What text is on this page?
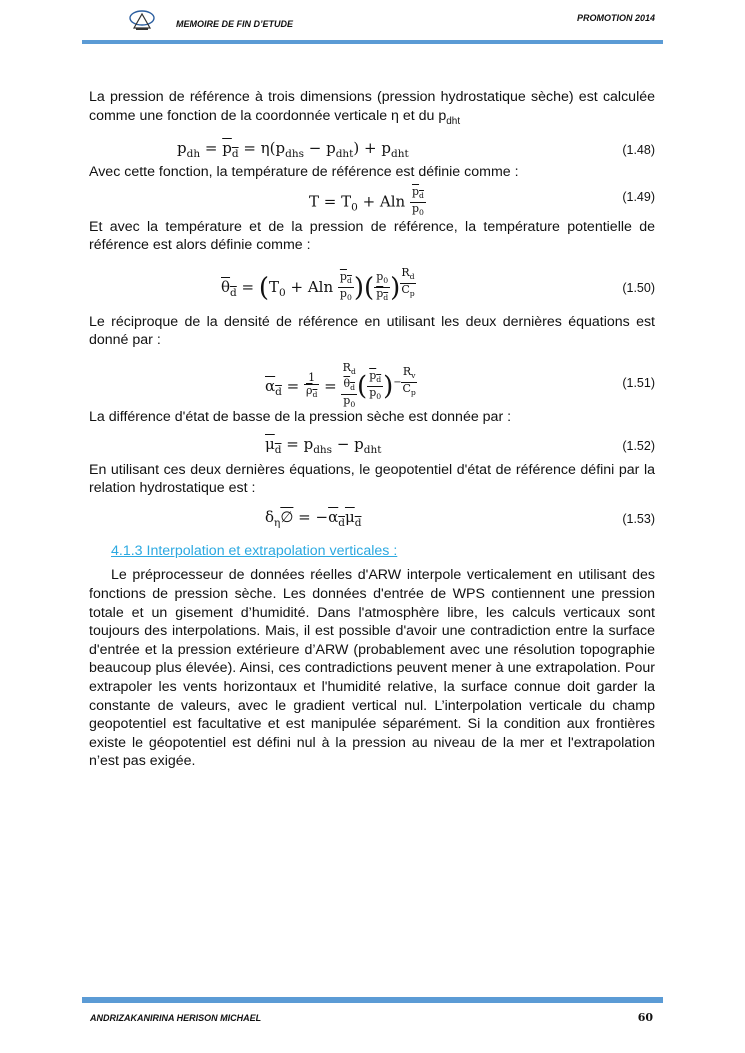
MEMOIRE DE FIN D’ETUDE
PROMOTION 2014

La pression de référence à trois dimensions (pression hydrostatique sèche) est calculée comme une fonction de la coordonnée verticale η et du $p_{dht}$

$p_{dh} = p_d = \eta(p_{dhs} - p_{dht}) + p_{dht}$	(1.48)

Avec cette fonction, la température de référence est définie comme :

$T = T_0 + Aln \frac{p_d}{p_0}$	(1.49)

Et avec la température et de la pression de référence, la température potentielle de référence est alors définie comme :

$\theta_d = (T_0 + Aln \frac{p_d}{p_0}$ )( $\frac{p_0}{p_d}$ ) $^{\frac{R_d}{C_p}}$	(1.50)

Le réciproque de la densité de référence en utilisant les deux dernières équations est donné par :

$\alpha_d = \frac{1}{\rho_d} = R_d$
$\theta_d$
$p_0$ ( $\frac{p_d}{p_0} )^{- \frac{R_v}{C_p}}$	(1.51)

La différence d'état de basse de la pression sèche est donnée par :

$\mu_d = p_{dhs} - p_{dht}$	(1.52)

En utilisant ces deux dernières équations, le geopotentiel d'état de référence défini par la relation hydrostatique est :

$\delta_\eta\emptyset = -\alpha_d\mu_d$	(1.53)
4.1.3 Interpolation et extrapolation verticales :

Le préprocesseur de données réelles d'ARW interpole verticalement en utilisant des fonctions de pression sèche. Les données d'entrée de WPS contiennent une pression totale et un gisement d’humidité. Dans l'atmosphère libre, les calculs verticaux sont toujours des interpolations. Mais, il est possible d'avoir une contradiction entre la surface d'entrée et la pression extérieure d’ARW (probablement avec une résolution topographie beaucoup plus élevée). Ainsi, ces contradictions peuvent mener à une extrapolation. Pour extrapoler les vents horizontaux et l'humidité relative, la surface connue doit garder la constante de valeurs, avec le gradient vertical nul. L’interpolation verticale du champ geopotentiel est facultative et est manipulée séparément. Si la condition aux frontières existe le géopotentiel est défini nul à la pression au niveau de la mer et l'extrapolation n’est pas exigée.

ANDRIZAKANIRINA HERISON MICHAEL	60
